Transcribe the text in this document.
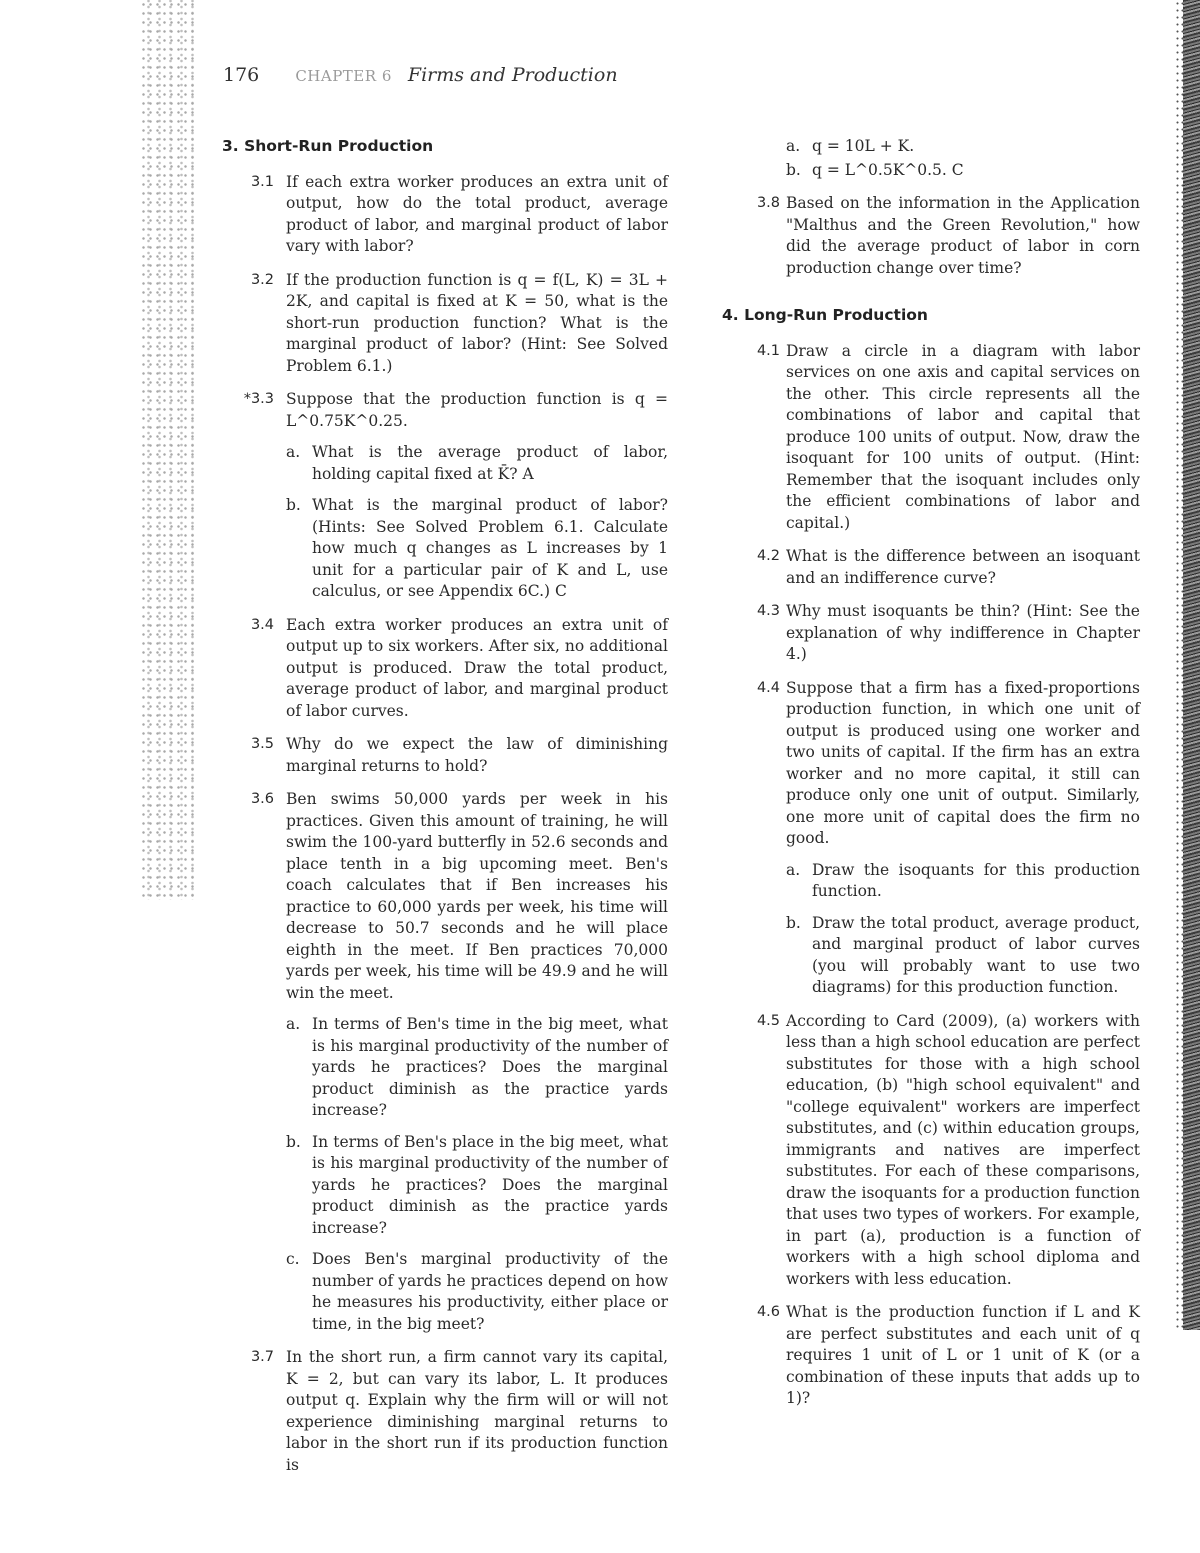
176 CHAPTER 6 Firms and Production
3. Short-Run Production
3.1 If each extra worker produces an extra unit of output, how do the total product, average product of labor, and marginal product of labor vary with labor?
3.2 If the production function is q = f(L, K) = 3L + 2K, and capital is fixed at K = 50, what is the short-run production function? What is the marginal product of labor? (Hint: See Solved Problem 6.1.)
*3.3 Suppose that the production function is q = L^0.75K^0.25.
a. What is the average product of labor, holding capital fixed at K̄? A
b. What is the marginal product of labor? (Hints: See Solved Problem 6.1. Calculate how much q changes as L increases by 1 unit for a particular pair of K and L, use calculus, or see Appendix 6C.) C
3.4 Each extra worker produces an extra unit of output up to six workers. After six, no additional output is produced. Draw the total product, average product of labor, and marginal product of labor curves.
3.5 Why do we expect the law of diminishing marginal returns to hold?
3.6 Ben swims 50,000 yards per week in his practices. Given this amount of training, he will swim the 100-yard butterfly in 52.6 seconds and place tenth in a big upcoming meet. Ben's coach calculates that if Ben increases his practice to 60,000 yards per week, his time will decrease to 50.7 seconds and he will place eighth in the meet. If Ben practices 70,000 yards per week, his time will be 49.9 and he will win the meet.
a. In terms of Ben's time in the big meet, what is his marginal productivity of the number of yards he practices? Does the marginal product diminish as the practice yards increase?
b. In terms of Ben's place in the big meet, what is his marginal productivity of the number of yards he practices? Does the marginal product diminish as the practice yards increase?
c. Does Ben's marginal productivity of the number of yards he practices depend on how he measures his productivity, either place or time, in the big meet?
3.7 In the short run, a firm cannot vary its capital, K = 2, but can vary its labor, L. It produces output q. Explain why the firm will or will not experience diminishing marginal returns to labor in the short run if its production function is
a. q = 10L + K.
b. q = L^0.5K^0.5. C
3.8 Based on the information in the Application "Malthus and the Green Revolution," how did the average product of labor in corn production change over time?
4. Long-Run Production
4.1 Draw a circle in a diagram with labor services on one axis and capital services on the other. This circle represents all the combinations of labor and capital that produce 100 units of output. Now, draw the isoquant for 100 units of output. (Hint: Remember that the isoquant includes only the efficient combinations of labor and capital.)
4.2 What is the difference between an isoquant and an indifference curve?
4.3 Why must isoquants be thin? (Hint: See the explanation of why indifference in Chapter 4.)
4.4 Suppose that a firm has a fixed-proportions production function, in which one unit of output is produced using one worker and two units of capital. If the firm has an extra worker and no more capital, it still can produce only one unit of output. Similarly, one more unit of capital does the firm no good.
a. Draw the isoquants for this production function.
b. Draw the total product, average product, and marginal product of labor curves (you will probably want to use two diagrams) for this production function.
4.5 According to Card (2009), (a) workers with less than a high school education are perfect substitutes for those with a high school education, (b) "high school equivalent" and "college equivalent" workers are imperfect substitutes, and (c) within education groups, immigrants and natives are imperfect substitutes. For each of these comparisons, draw the isoquants for a production function that uses two types of workers. For example, in part (a), production is a function of workers with a high school diploma and workers with less education.
4.6 What is the production function if L and K are perfect substitutes and each unit of q requires 1 unit of L or 1 unit of K (or a combination of these inputs that adds up to 1)?
